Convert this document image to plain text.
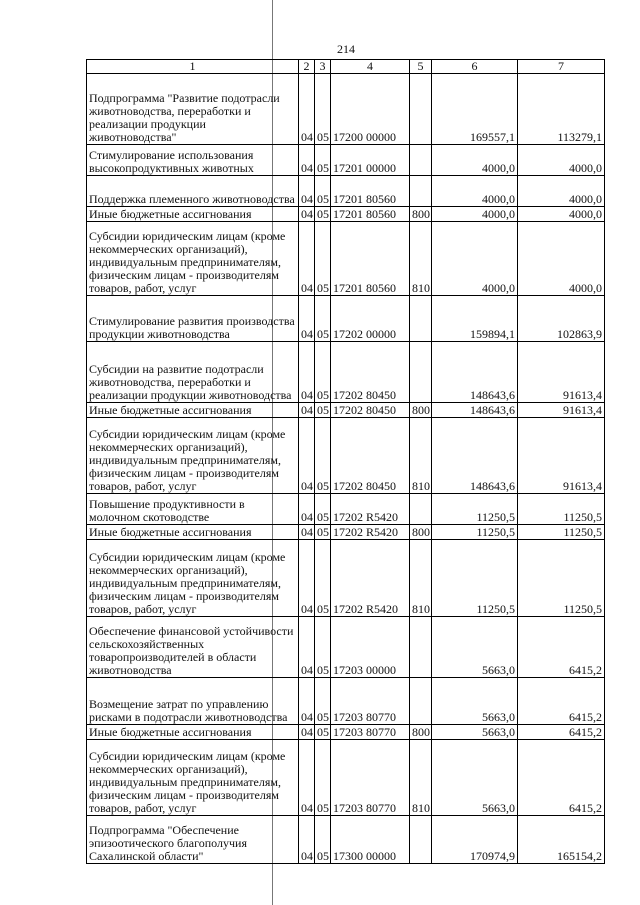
214
1	2	3	4	5	6	7
Подпрограмма "Развитие подотрасли животноводства, переработки и реализации продукции животноводства"	04	05	17200 00000		169557,1	113279,1
Стимулирование использования высокопродуктивных животных	04	05	17201 00000		4000,0	4000,0
Поддержка племенного животноводства	04	05	17201 80560		4000,0	4000,0
Иные бюджетные ассигнования	04	05	17201 80560	800	4000,0	4000,0
Субсидии юридическим лицам (кроме некоммерческих организаций), индивидуальным предпринимателям, физическим лицам - производителям товаров, работ, услуг	04	05	17201 80560	810	4000,0	4000,0
Стимулирование развития производства продукции животноводства	04	05	17202 00000		159894,1	102863,9
Субсидии на развитие подотрасли животноводства, переработки и реализации продукции животноводства	04	05	17202 80450		148643,6	91613,4
Иные бюджетные ассигнования	04	05	17202 80450	800	148643,6	91613,4
Субсидии юридическим лицам (кроме некоммерческих организаций), индивидуальным предпринимателям, физическим лицам - производителям товаров, работ, услуг	04	05	17202 80450	810	148643,6	91613,4
Повышение продуктивности в молочном скотоводстве	04	05	17202 R5420		11250,5	11250,5
Иные бюджетные ассигнования	04	05	17202 R5420	800	11250,5	11250,5
Субсидии юридическим лицам (кроме некоммерческих организаций), индивидуальным предпринимателям, физическим лицам - производителям товаров, работ, услуг	04	05	17202 R5420	810	11250,5	11250,5
Обеспечение финансовой устойчивости сельскохозяйственных товаропроизводителей в области животноводства	04	05	17203 00000		5663,0	6415,2
Возмещение затрат по управлению рисками в подотрасли животноводства	04	05	17203 80770		5663,0	6415,2
Иные бюджетные ассигнования	04	05	17203 80770	800	5663,0	6415,2
Субсидии юридическим лицам (кроме некоммерческих организаций), индивидуальным предпринимателям, физическим лицам - производителям товаров, работ, услуг	04	05	17203 80770	810	5663,0	6415,2
Подпрограмма "Обеспечение эпизоотического благополучия Сахалинской области"	04	05	17300 00000		170974,9	165154,2
